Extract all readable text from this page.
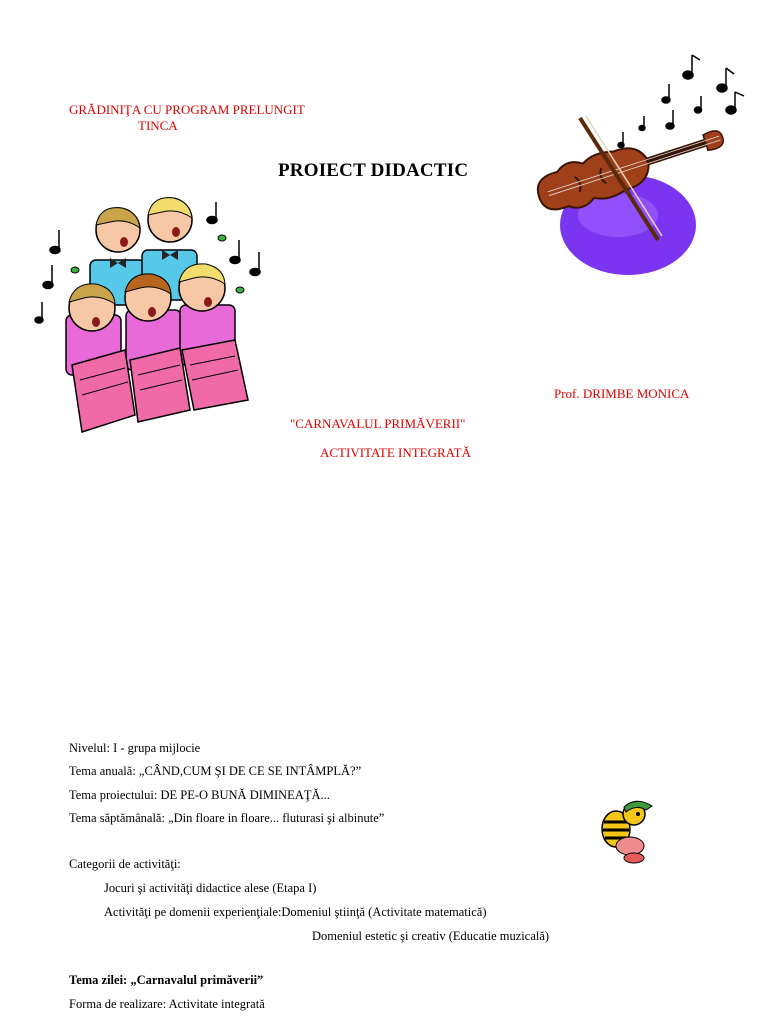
GRĂDINIŢA CU PROGRAM PRELUNGIT
TINCA
PROIECT DIDACTIC
Prof. DRIMBE MONICA
"CARNAVALUL PRIMĂVERII"
ACTIVITATE INTEGRATĂ
Nivelul: I - grupa mijlocie
Tema anuală: „CÂND,CUM ŞI DE CE SE INTÂMPLĂ?”
Tema proiectului: DE PE-O BUNĂ DIMINEAŢĂ...
Tema săptămânală: „Din floare in floare... fluturasi şi albinute”
Categorii de activităţi:
Jocuri şi activităţi didactice alese (Etapa I)
Activităţi pe domenii experienţiale:Domeniul ştiinţă (Activitate matematică)
Domeniul estetic şi creativ (Educatie muzicală)
Tema zilei: „Carnavalul primăverii”
Forma de realizare: Activitate integrată
